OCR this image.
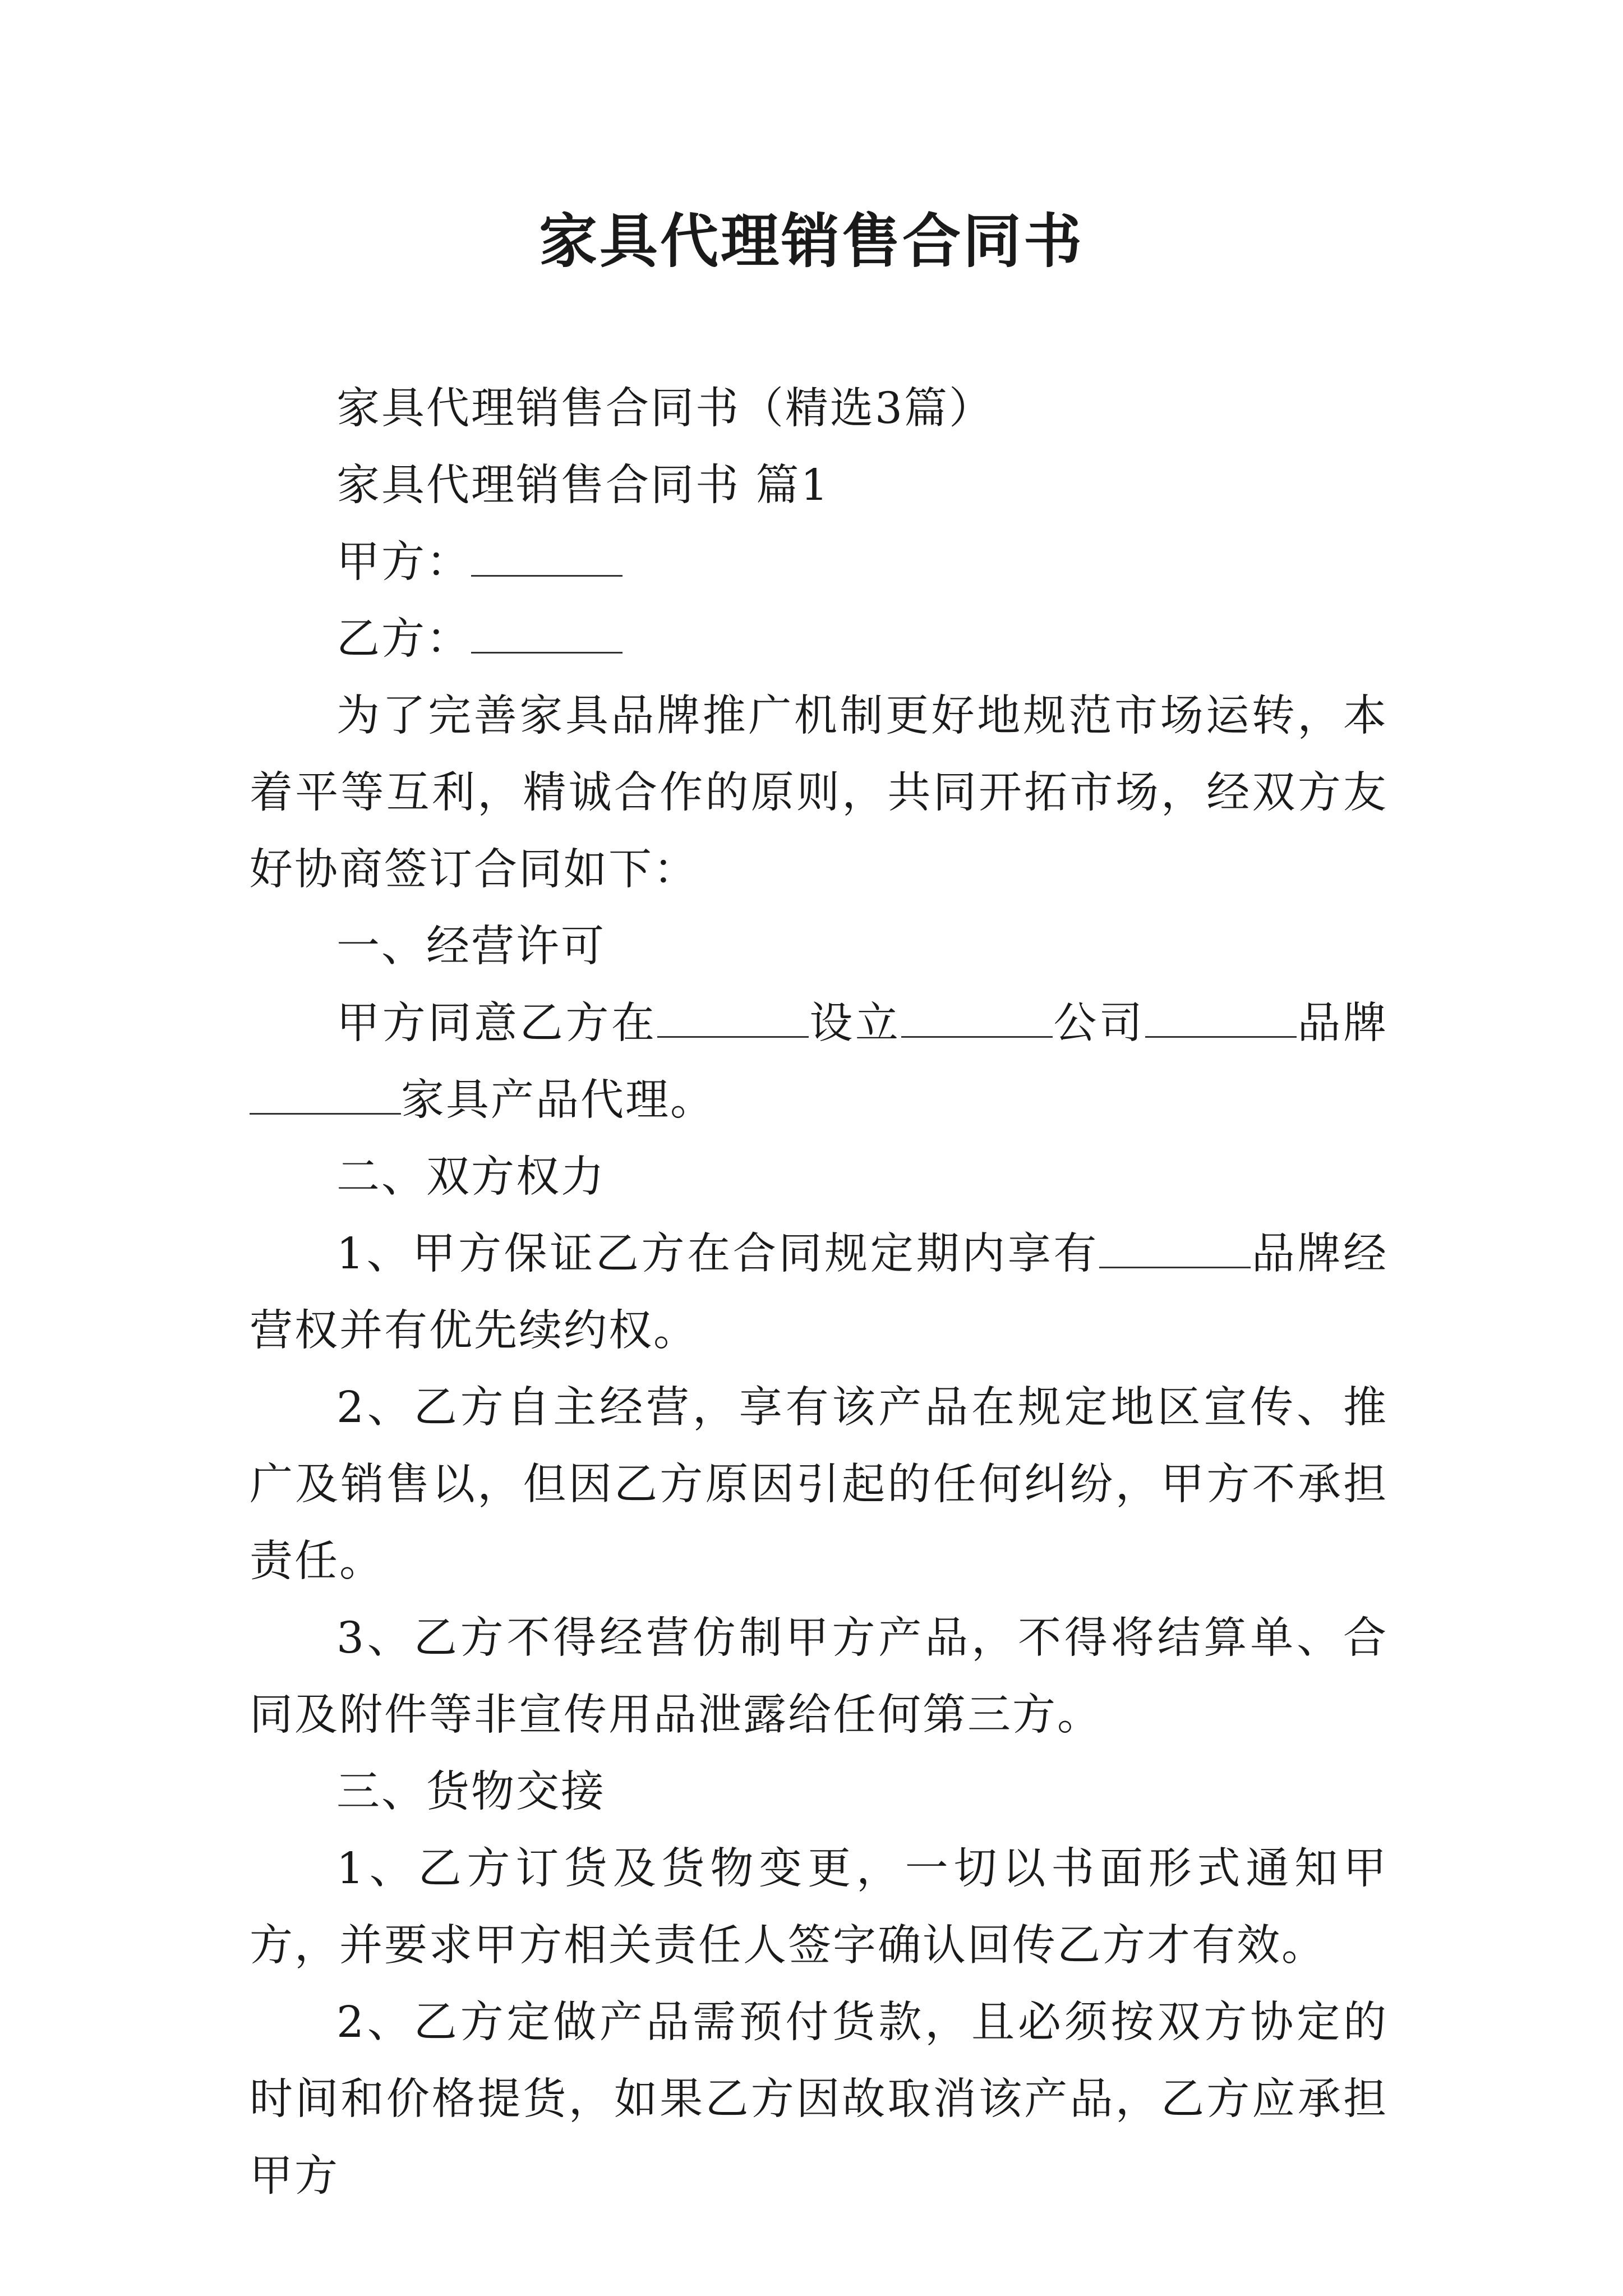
家具代理销售合同书

家具代理销售合同书（精选3篇）

家具代理销售合同书 篇1

甲方：

乙方：

为了完善家具品牌推广机制更好地规范市场运转，本着平等互利，精诚合作的原则，共同开拓市场，经双方友好协商签订合同如下：

一、经营许可

甲方同意乙方在	设立	公司	品牌家具产品代理。

二、双方权力

1、甲方保证乙方在合同规定期内享有	品牌经营权并有优先续约权。

2、乙方自主经营，享有该产品在规定地区宣传、推广及销售以，但因乙方原因引起的任何纠纷，甲方不承担责任。

3、乙方不得经营仿制甲方产品，不得将结算单、合同及附件等非宣传用品泄露给任何第三方。

三、货物交接

1、乙方订货及货物变更，一切以书面形式通知甲方，并要求甲方相关责任人签字确认回传乙方才有效。

2、乙方定做产品需预付货款，且必须按双方协定的时间和价格提货，如果乙方因故取消该产品，乙方应承担甲方
